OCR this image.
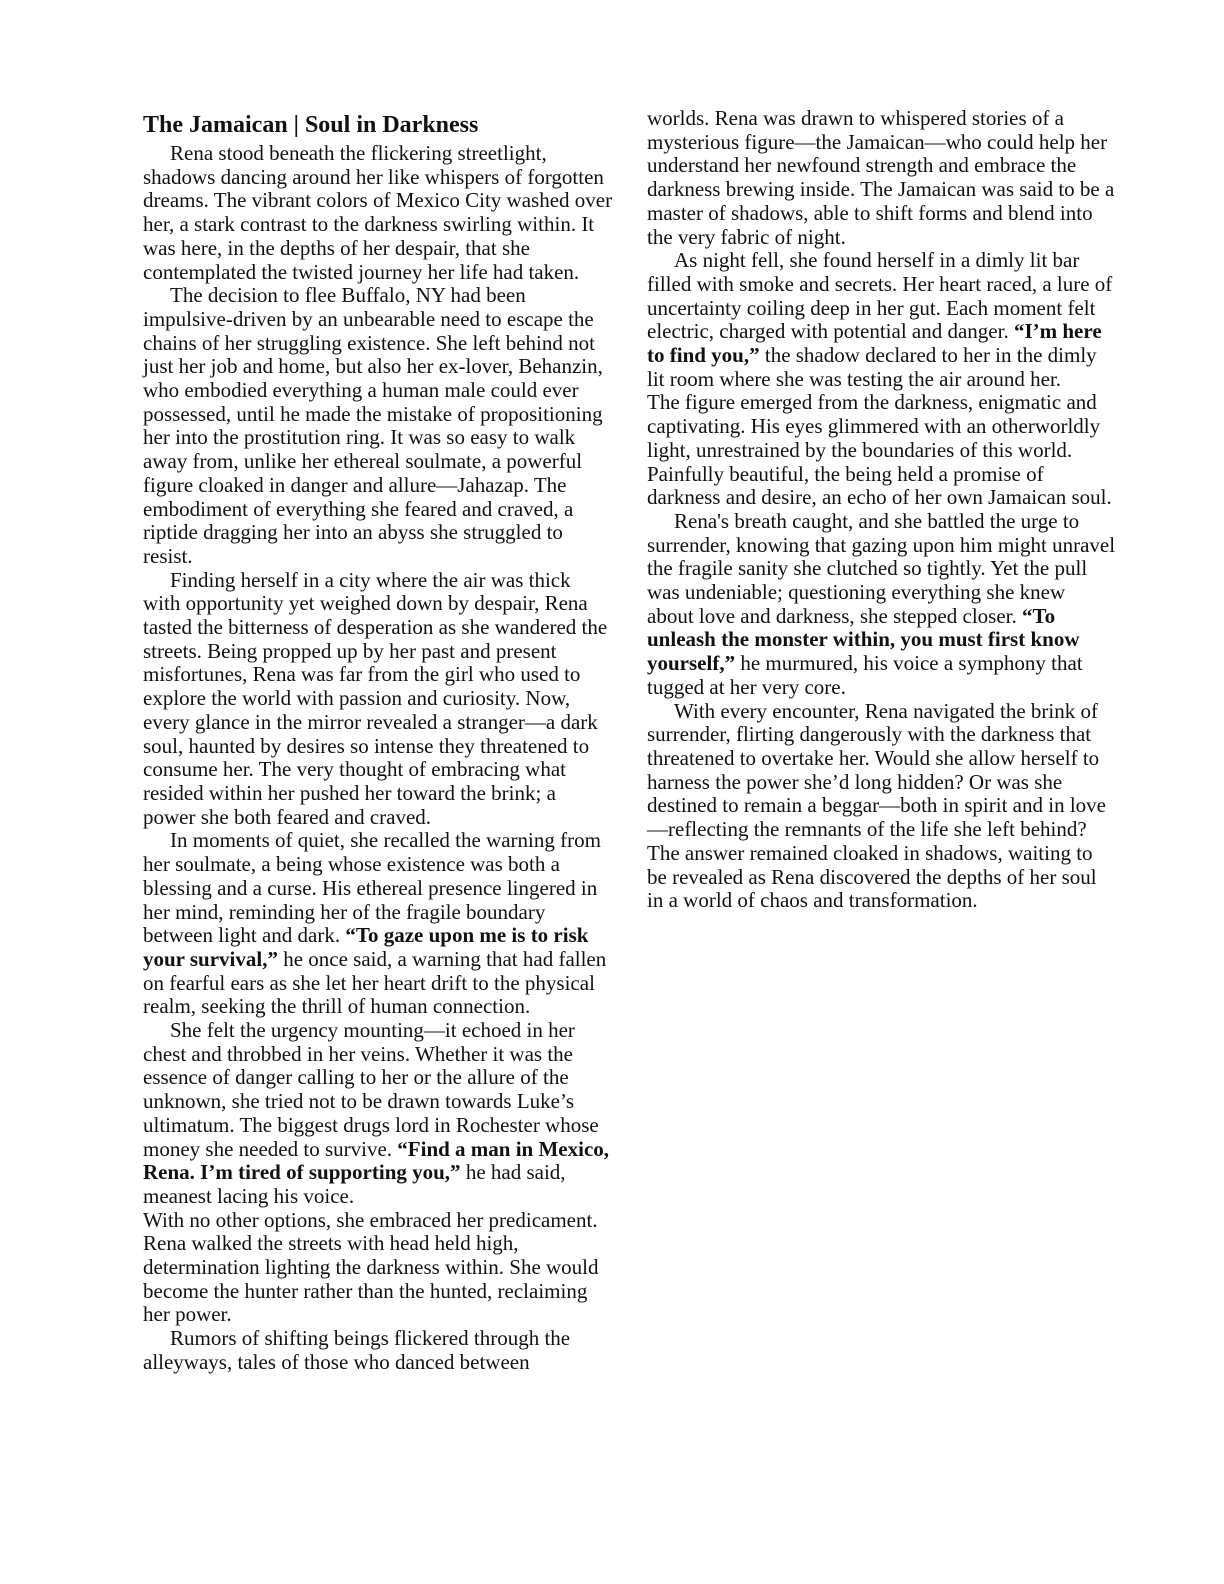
The Jamaican | Soul in Darkness

Rena stood beneath the flickering streetlight, shadows dancing around her like whispers of forgotten dreams. The vibrant colors of Mexico City washed over her, a stark contrast to the darkness swirling within. It was here, in the depths of her despair, that she contemplated the twisted journey her life had taken.

The decision to flee Buffalo, NY had been impulsive-driven by an unbearable need to escape the chains of her struggling existence. She left behind not just her job and home, but also her ex-lover, Behanzin, who embodied everything a human male could ever possessed, until he made the mistake of propositioning her into the prostitution ring. It was so easy to walk away from, unlike her ethereal soulmate, a powerful figure cloaked in danger and allure—Jahazap. The embodiment of everything she feared and craved, a riptide dragging her into an abyss she struggled to resist.

Finding herself in a city where the air was thick with opportunity yet weighed down by despair, Rena tasted the bitterness of desperation as she wandered the streets. Being propped up by her past and present misfortunes, Rena was far from the girl who used to explore the world with passion and curiosity. Now, every glance in the mirror revealed a stranger—a dark soul, haunted by desires so intense they threatened to consume her. The very thought of embracing what resided within her pushed her toward the brink; a power she both feared and craved.

In moments of quiet, she recalled the warning from her soulmate, a being whose existence was both a blessing and a curse. His ethereal presence lingered in her mind, reminding her of the fragile boundary between light and dark. “To gaze upon me is to risk your survival,” he once said, a warning that had fallen on fearful ears as she let her heart drift to the physical realm, seeking the thrill of human connection.

She felt the urgency mounting—it echoed in her chest and throbbed in her veins. Whether it was the essence of danger calling to her or the allure of the unknown, she tried not to be drawn towards Luke’s ultimatum. The biggest drugs lord in Rochester whose money she needed to survive. “Find a man in Mexico, Rena. I’m tired of supporting you,” he had said, meanest lacing his voice.

With no other options, she embraced her predicament. Rena walked the streets with head held high, determination lighting the darkness within. She would become the hunter rather than the hunted, reclaiming her power.

Rumors of shifting beings flickered through the alleyways, tales of those who danced between

worlds. Rena was drawn to whispered stories of a mysterious figure—the Jamaican—who could help her understand her newfound strength and embrace the darkness brewing inside. The Jamaican was said to be a master of shadows, able to shift forms and blend into the very fabric of night.

As night fell, she found herself in a dimly lit bar filled with smoke and secrets. Her heart raced, a lure of uncertainty coiling deep in her gut. Each moment felt electric, charged with potential and danger. “I’m here to find you,” the shadow declared to her in the dimly lit room where she was testing the air around her.

The figure emerged from the darkness, enigmatic and captivating. His eyes glimmered with an otherworldly light, unrestrained by the boundaries of this world. Painfully beautiful, the being held a promise of darkness and desire, an echo of her own Jamaican soul.

Rena's breath caught, and she battled the urge to surrender, knowing that gazing upon him might unravel the fragile sanity she clutched so tightly. Yet the pull was undeniable; questioning everything she knew about love and darkness, she stepped closer. “To unleash the monster within, you must first know yourself,” he murmured, his voice a symphony that tugged at her very core.

With every encounter, Rena navigated the brink of surrender, flirting dangerously with the darkness that threatened to overtake her. Would she allow herself to harness the power she’d long hidden? Or was she destined to remain a beggar—both in spirit and in love—reflecting the remnants of the life she left behind?

The answer remained cloaked in shadows, waiting to be revealed as Rena discovered the depths of her soul in a world of chaos and transformation.
